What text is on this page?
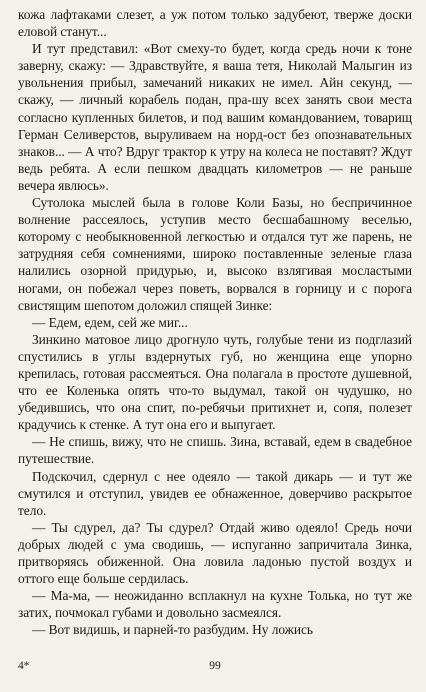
кожа лафтаками слезет, а уж потом только задубеют, тверже доски еловой станут...

И тут представил: «Вот смеху-то будет, когда средь ночи к тоне заверну, скажу: — Здравствуйте, я ваша тетя, Николай Малыгин из увольнения прибыл, замечаний никаких не имел. Айн секунд, — скажу, — личный корабель подан, пра-шу всех занять свои места согласно купленных билетов, и под вашим командованием, товарищ Герман Селиверстов, выруливаем на норд-ост без опознавательных знаков... — А что? Вдруг трактор к утру на колеса не поставят? Ждут ведь ребята. А если пешком двадцать километров — не раньше вечера явлюсь».

Сутолока мыслей была в голове Коли Базы, но беспричинное волнение рассеялось, уступив место бесшабашному веселью, которому с необыкновенной легкостью и отдался тут же парень, не затрудняя себя сомнениями, широко поставленные зеленые глаза налились озорной придурью, и, высоко взлягивая мосластыми ногами, он побежал через поветь, ворвался в горницу и с порога свистящим шепотом доложил спящей Зинке:

— Едем, едем, сей же миг...

Зинкино матовое лицо дрогнуло чуть, голубые тени из подглазий спустились в углы вздернутых губ, но женщина еще упорно крепилась, готовая рассмеяться. Она полагала в простоте душевной, что ее Коленька опять что-то выдумал, такой он чудушко, но убедившись, что она спит, по-ребячьи притихнет и, сопя, полезет крадучись к стенке. А тут она его и выпугает.

— Не спишь, вижу, что не спишь. Зина, вставай, едем в свадебное путешествие.

Подскочил, сдернул с нее одеяло — такой дикарь — и тут же смутился и отступил, увидев ее обнаженное, доверчиво раскрытое тело.

— Ты сдурел, да? Ты сдурел? Отдай живо одеяло! Средь ночи добрых людей с ума сводишь, — испуганно запричитала Зинка, притворяясь обиженной. Она ловила ладонью пустой воздух и оттого еще больше сердилась.

— Ма-ма, — неожиданно всплакнул на кухне Толька, но тут же затих, почмокал губами и довольно засмеялся.

— Вот видишь, и парней-то разбудим. Ну ложись

4*	99
